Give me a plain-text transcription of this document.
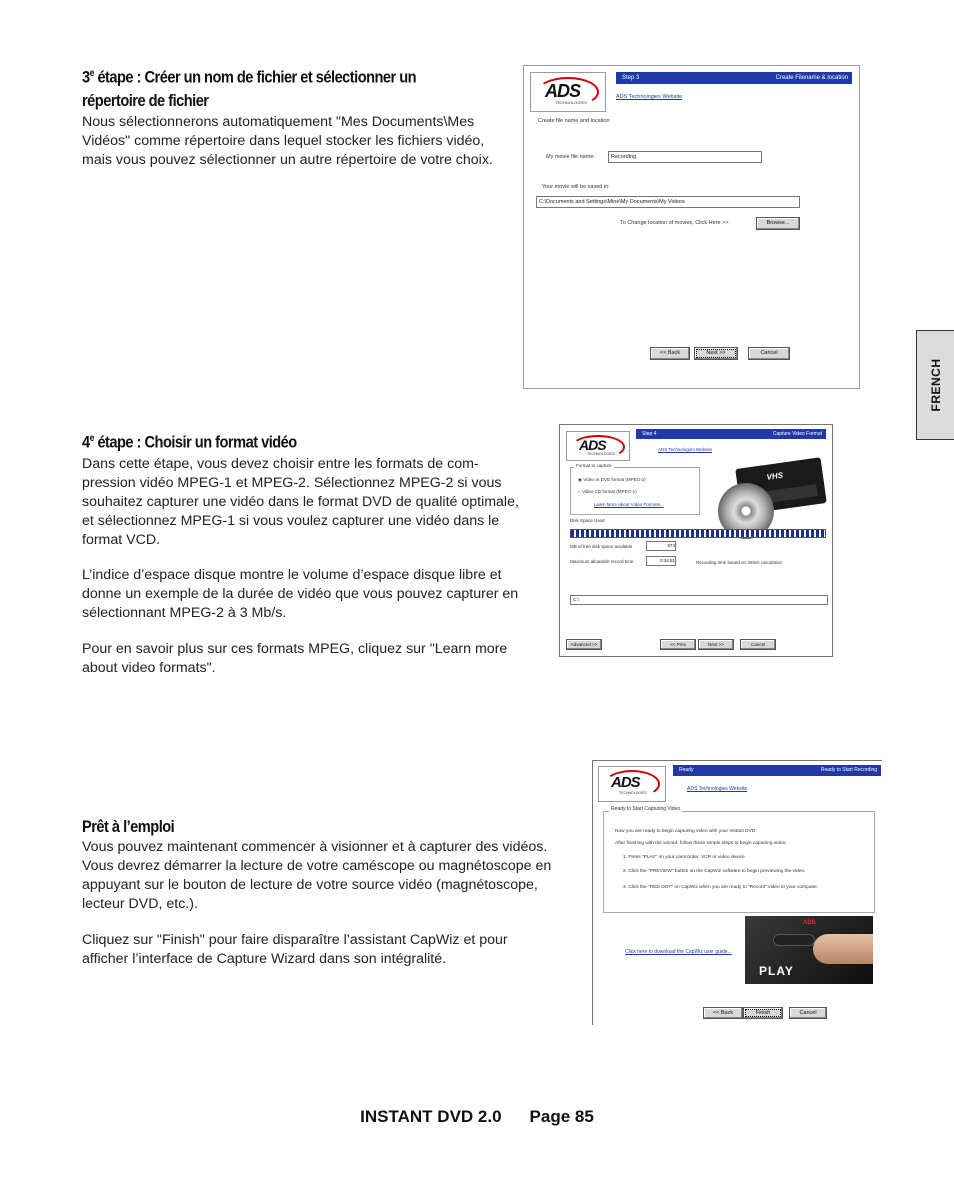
FRENCH
3e étape : Créer un nom de fichier et sélectionner un
répertoire de fichier
Nous sélectionnerons automatiquement "Mes Documents\Mes Vidéos" comme répertoire dans lequel stocker les fichiers vidéo, mais vous pouvez sélectionner un autre répertoire de votre choix.
ADS
TECHNOLOGIES
Step 3	Create Filename & location
ADS Technologies Website
Create file name and location
My movie file name:	Recording
Your movie will be saved in:
C:\Documents and Settings\Mine\My Documents\My Videos
To Change location of movies, Click Here >>	Browse...
<< Back	Next >>	Cancel
4e étape : Choisir un format vidéo
Dans cette étape, vous devez choisir entre les formats de com-pression vidéo MPEG-1 et MPEG-2. Sélectionnez MPEG-2 si vous souhaitez capturer une vidéo dans le format DVD de qualité optimale, et sélectionnez MPEG-1 si vous voulez capturer une vidéo dans le format VCD.
L’indice d’espace disque montre le volume d’espace disque libre et donne un exemple de la durée de vidéo que vous pouvez capturer en sélectionnant MPEG-2 à 3 Mb/s.
Pour en savoir plus sur ces formats MPEG, cliquez sur "Learn more about video formats".
ADS
TECHNOLOGIES
Step 4	Capture Video Format
ADS Technologies Website
Format to capture
◉ Video in DVD format (MPEG-2)
○ Video CD format (MPEG-1)
Learn More about Video Formats...
VHS
Disk Space Used
MB of free disk space available	874
Maximum allowable record time	0:34:51	Recording time based on 3mb/s calculation.
C:\
Advanced >>	<< Prev	Next >>	Cancel
Prêt à l’emploi
Vous pouvez maintenant commencer à visionner et à capturer des vidéos. Vous devrez démarrer la lecture de votre caméscope ou magnétoscope en appuyant sur le bouton de lecture de votre source vidéo (magnétoscope, lecteur DVD, etc.).
Cliquez sur "Finish" pour faire disparaître l’assistant CapWiz et pour afficher l’interface de Capture Wizard dans son intégralité.
ADS
TECHNOLOGIES
Ready	Ready to Start Recording
ADS Technologies Website
Ready to Start Capturing Video
Now you are ready to begin capturing video with your Instant DVD.
After finishing with the wizard, follow these simple steps to begin capturing video:
1. Press "PLAY" on your camcorder, VCR or video device.
2. Click the "PREVIEW" button on the CapWiz software to begin previewing the video.
3. Click the "RED DOT" on CapWiz when you are ready to "Record" video to your computer.
Click here to download the CapWiz user guide...
ADS
PLAY
<< Back	Finish	Cancel
INSTANT DVD 2.0 Page 85
